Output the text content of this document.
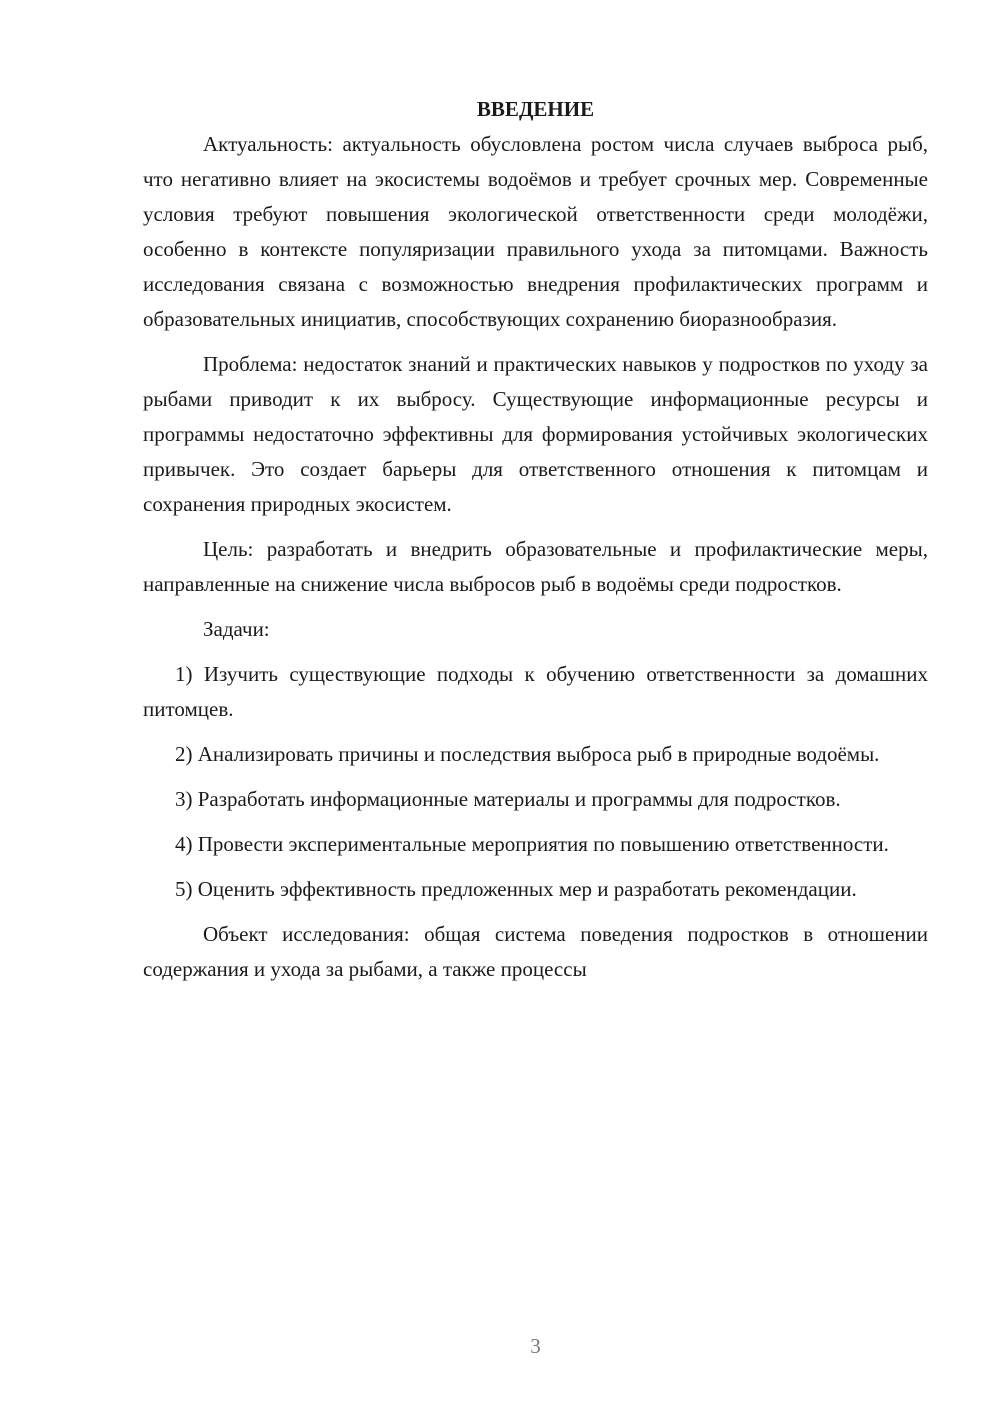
ВВЕДЕНИЕ

Актуальность: актуальность обусловлена ростом числа случаев выброса рыб, что негативно влияет на экосистемы водоёмов и требует срочных мер. Современные условия требуют повышения экологической ответственности среди молодёжи, особенно в контексте популяризации правильного ухода за питомцами. Важность исследования связана с возможностью внедрения профилактических программ и образовательных инициатив, способствующих сохранению биоразнообразия.

Проблема: недостаток знаний и практических навыков у подростков по уходу за рыбами приводит к их выбросу. Существующие информационные ресурсы и программы недостаточно эффективны для формирования устойчивых экологических привычек. Это создает барьеры для ответственного отношения к питомцам и сохранения природных экосистем.

Цель: разработать и внедрить образовательные и профилактические меры, направленные на снижение числа выбросов рыб в водоёмы среди подростков.

Задачи:

1) Изучить существующие подходы к обучению ответственности за домашних питомцев.

2) Анализировать причины и последствия выброса рыб в природные водоёмы.

3) Разработать информационные материалы и программы для подростков.

4) Провести экспериментальные мероприятия по повышению ответственности.

5) Оценить эффективность предложенных мер и разработать рекомендации.

Объект исследования: общая система поведения подростков в отношении содержания и ухода за рыбами, а также процессы

3
